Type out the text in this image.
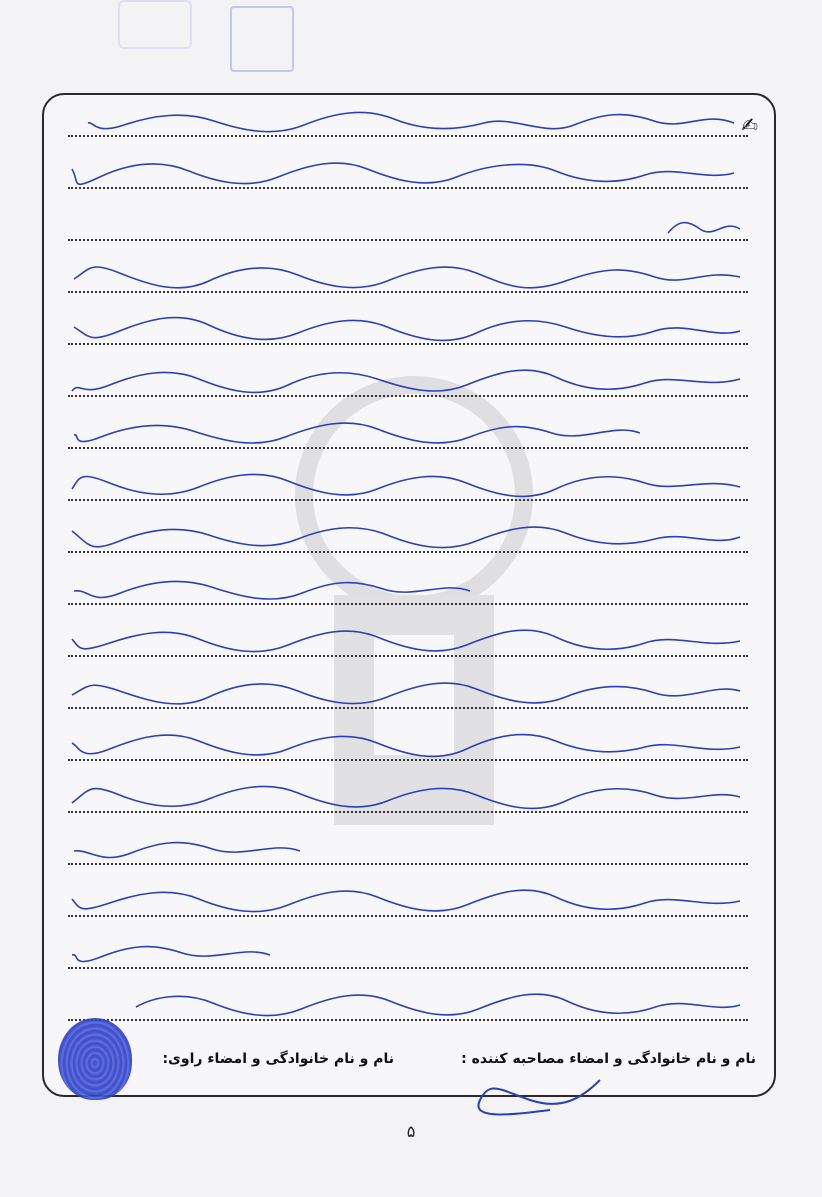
✍
نام و نام خانوادگی و امضاء مصاحبه کننده :
نام و نام خانوادگی و امضاء راوی:
۵
